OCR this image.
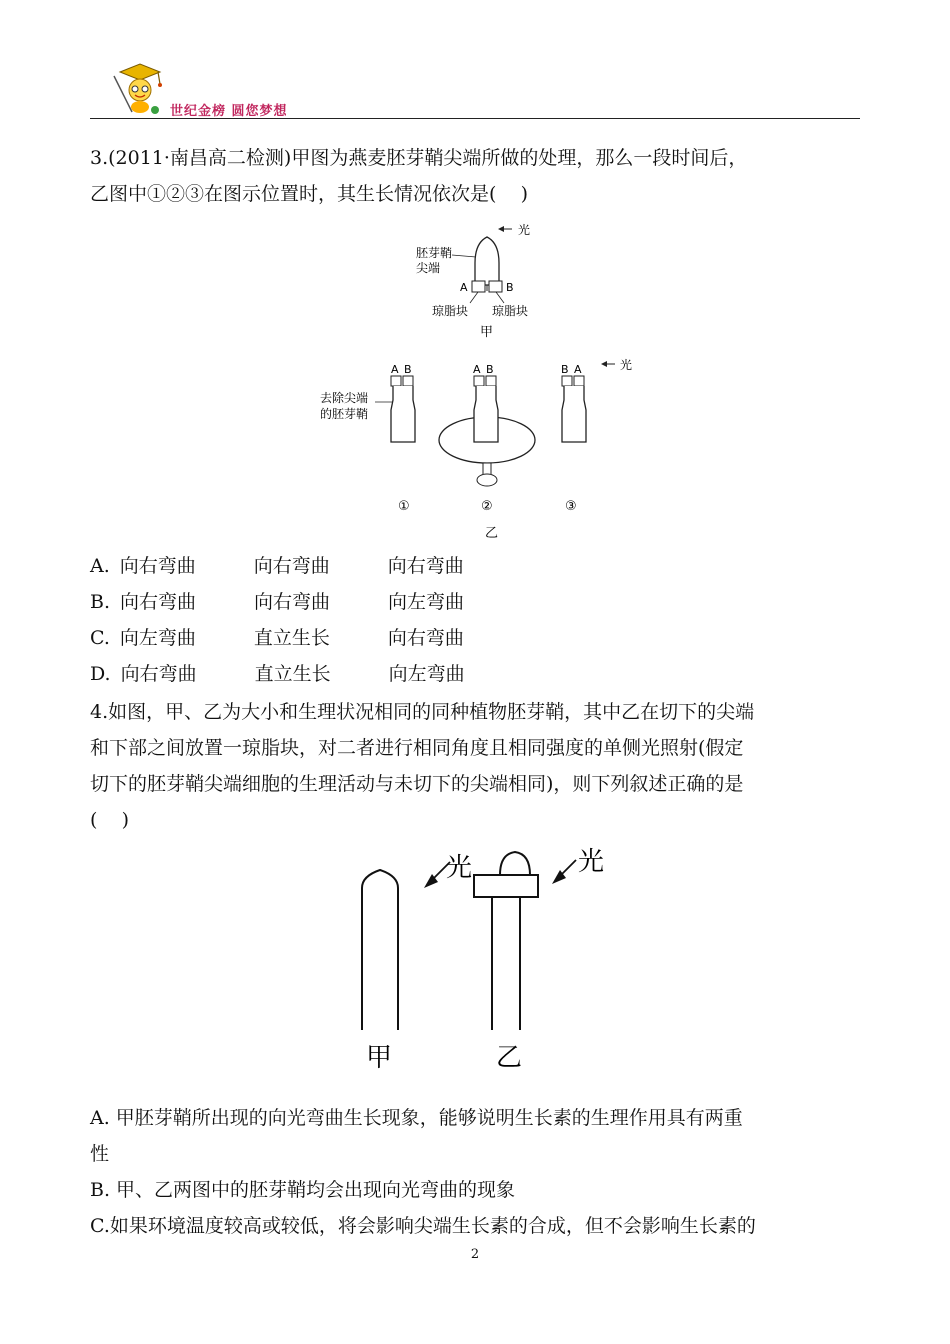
世纪金榜 圆您梦想
3.(2011·南昌高二检测)甲图为燕麦胚芽鞘尖端所做的处理，那么一段时间后，
乙图中①②③在图示位置时，其生长情况依次是(    )
光
胚芽鞘
尖端
A	B
琼脂块 琼脂块
甲
A B
去除尖端
的胚芽鞘
A B	B A	光
①	②	③
乙
A. 向右弯曲	向右弯曲	向右弯曲
B. 向右弯曲	向右弯曲	向左弯曲
C. 向左弯曲	直立生长	向右弯曲
D. 向右弯曲	直立生长	向左弯曲
4.如图，甲、乙为大小和生理状况相同的同种植物胚芽鞘，其中乙在切下的尖端
和下部之间放置一琼脂块，对二者进行相同角度且相同强度的单侧光照射(假定
切下的胚芽鞘尖端细胞的生理活动与未切下的尖端相同)，则下列叙述正确的是
(    )
光
甲
光
乙
A. 甲胚芽鞘所出现的向光弯曲生长现象，能够说明生长素的生理作用具有两重
性
B. 甲、乙两图中的胚芽鞘均会出现向光弯曲的现象
C.如果环境温度较高或较低，将会影响尖端生长素的合成，但不会影响生长素的
2
